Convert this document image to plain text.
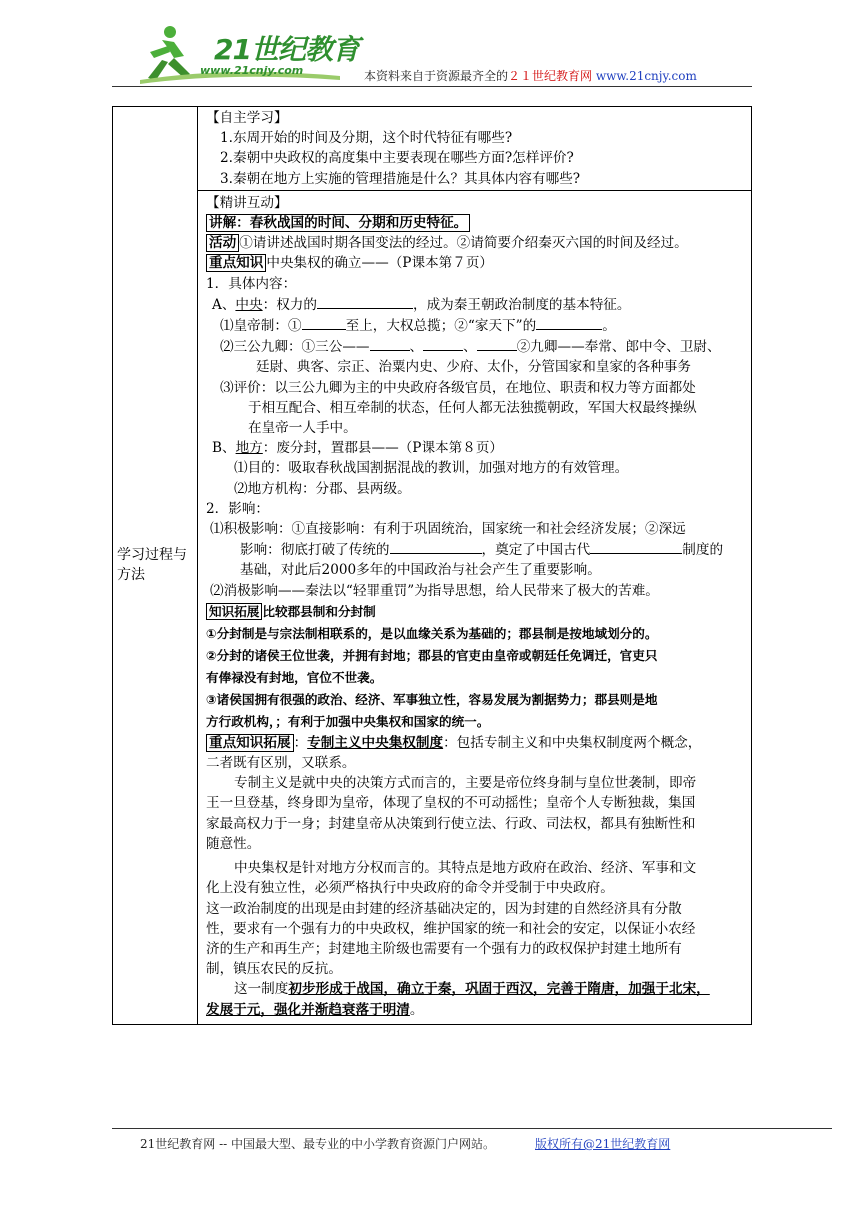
21世纪教育
www.21cnjy.com	本资料来自于资源最齐全的２１世纪教育网 www.21cnjy.com
学习过程与方法	
【自主学习】
1.东周开始的时间及分期，这个时代特征有哪些?
2.秦朝中央政权的高度集中主要表现在哪些方面?怎样评价?
3.秦朝在地方上实施的管理措施是什么？其具体内容有哪些?

【精讲互动】
讲解：春秋战国的时间、分期和历史特征。
活动 ①请讲述战国时期各国变法的经过。②请简要介绍秦灭六国的时间及经过。
重点知识 中央集权的确立——（P课本第７页）
1．具体内容：
A、中央：权力的	，成为秦王朝政治制度的基本特征。
⑴皇帝制：①	至上，大权总揽；②“家天下”的	。
⑵三公九卿：①三公——	、	、	②九卿——奉常、郎中令、卫尉、
廷尉、典客、宗正、治粟内史、少府、太仆，分管国家和皇家的各种事务
⑶评价：以三公九卿为主的中央政府各级官员，在地位、职责和权力等方面都处
于相互配合、相互牵制的状态，任何人都无法独揽朝政，军国大权最终操纵
在皇帝一人手中。
B、地方：废分封，置郡县——（P课本第８页）
⑴目的：吸取春秋战国割据混战的教训，加强对地方的有效管理。
⑵地方机构：分郡、县两级。
2．影响：
⑴积极影响：①直接影响：有利于巩固统治，国家统一和社会经济发展；②深远
影响：彻底打破了传统的	，奠定了中国古代	制度的
基础，对此后2000多年的中国政治与社会产生了重要影响。
⑵消极影响——秦法以“轻罪重罚”为指导思想，给人民带来了极大的苦难。
知识拓展 比较郡县制和分封制
①分封制是与宗法制相联系的，是以血缘关系为基础的；郡县制是按地域划分的。
②分封的诸侯王位世袭，并拥有封地；郡县的官吏由皇帝或朝廷任免调迁，官吏只
有俸禄没有封地，官位不世袭。
③诸侯国拥有很强的政治、经济、军事独立性，容易发展为割据势力；郡县则是地
方行政机构，；有利于加强中央集权和国家的统一。
重点知识拓展 ：专制主义中央集权制度：包括专制主义和中央集权制度两个概念，
二者既有区别，又联系。
专制主义是就中央的决策方式而言的，主要是帝位终身制与皇位世袭制，即帝
王一旦登基，终身即为皇帝，体现了皇权的不可动摇性；皇帝个人专断独裁，集国
家最高权力于一身；封建皇帝从决策到行使立法、行政、司法权，都具有独断性和
随意性。
中央集权是针对地方分权而言的。其特点是地方政府在政治、经济、军事和文
化上没有独立性，必须严格执行中央政府的命令并受制于中央政府。
这一政治制度的出现是由封建的经济基础决定的，因为封建的自然经济具有分散
性，要求有一个强有力的中央政权，维护国家的统一和社会的安定，以保证小农经
济的生产和再生产；封建地主阶级也需要有一个强有力的政权保护封建土地所有
制，镇压农民的反抗。
这一制度初步形成于战国，确立于秦，巩固于西汉，完善于隋唐，加强于北宋，
发展于元，强化并渐趋衰落于明清。
21世纪教育网 -- 中国最大型、最专业的中小学教育资源门户网站。	版权所有@21世纪教育网
